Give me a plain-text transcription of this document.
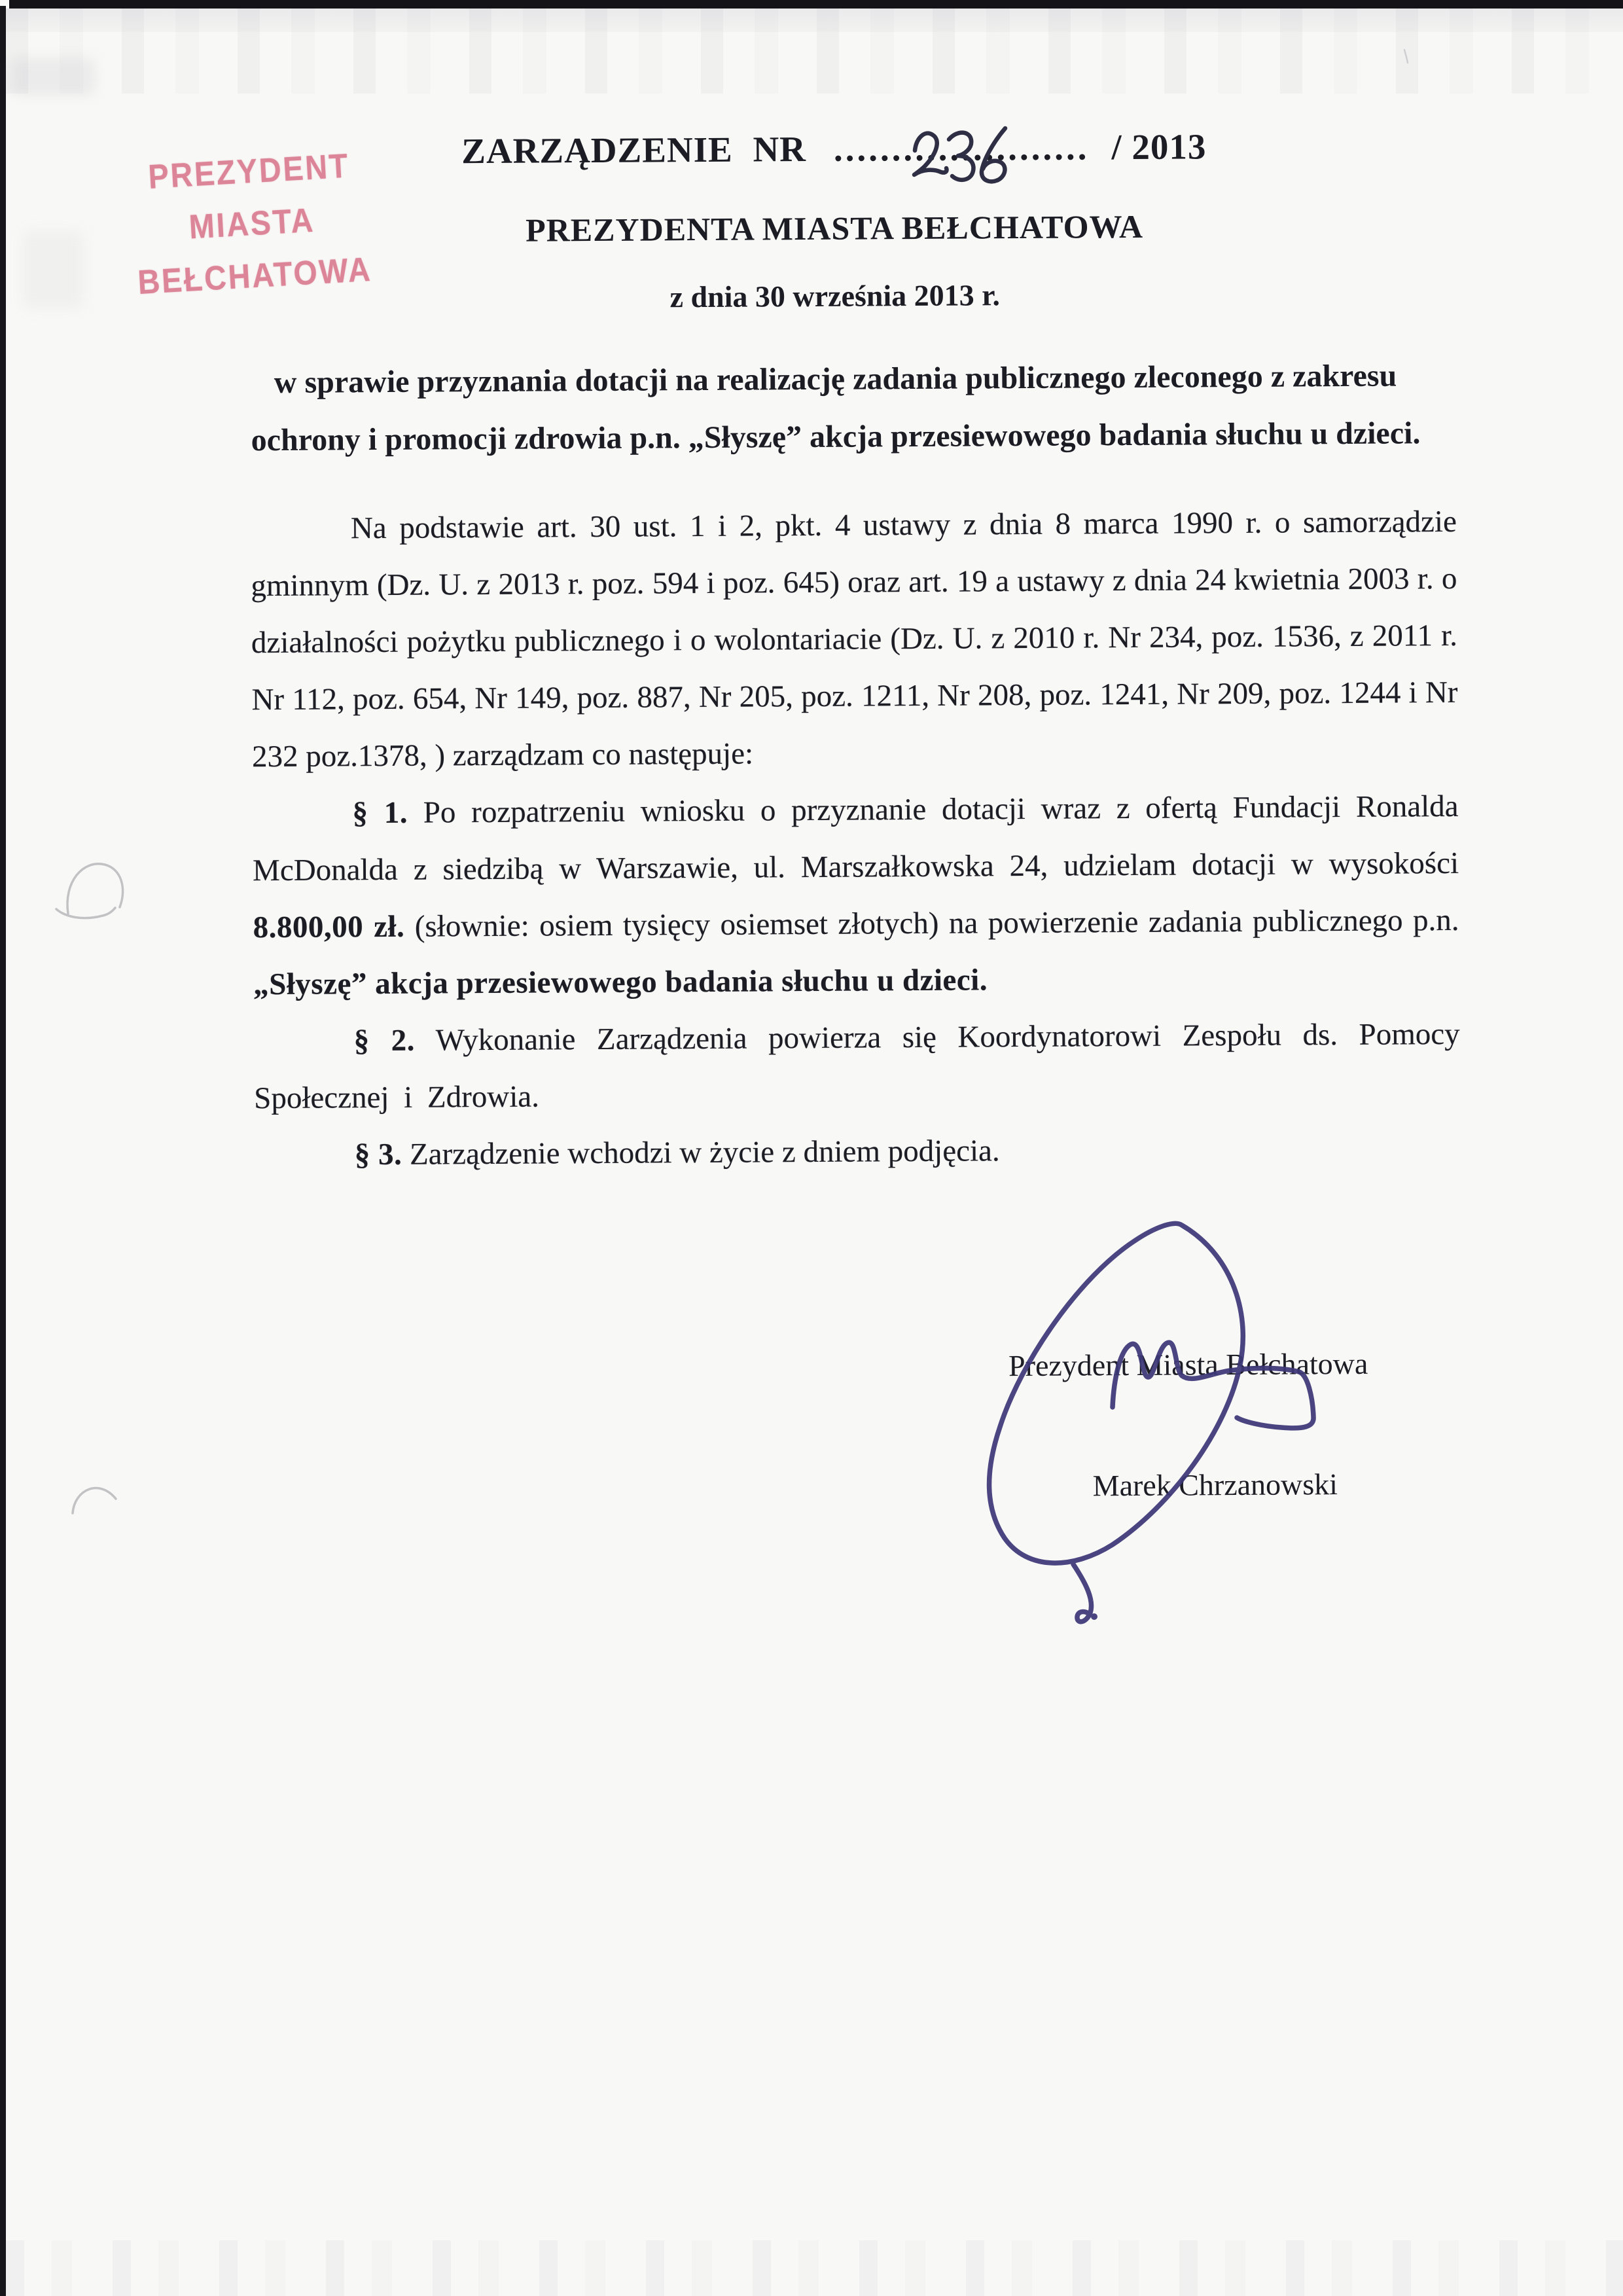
PREZYDENT MIASTA
BEŁCHATOWA
ZARZĄDZENIE NR ...................... / 2013
PREZYDENTA MIASTA BEŁCHATOWA
z dnia 30 września 2013 r.
w sprawie przyznania dotacji na realizację zadania publicznego zleconego z zakresu
ochrony i promocji zdrowia p.n. „Słyszę” akcja przesiewowego badania słuchu u dzieci.

Na podstawie art. 30 ust. 1 i 2, pkt. 4 ustawy z dnia 8 marca 1990 r. o samorządzie gminnym (Dz. U. z 2013 r. poz. 594 i poz. 645) oraz art. 19 a ustawy z dnia 24 kwietnia 2003 r. o działalności pożytku publicznego i o wolontariacie (Dz. U. z 2010 r. Nr 234, poz. 1536, z 2011 r. Nr 112, poz. 654, Nr 149, poz. 887, Nr 205, poz. 1211, Nr 208, poz. 1241, Nr 209, poz. 1244 i Nr 232 poz.1378, ) zarządzam co następuje:

§ 1. Po rozpatrzeniu wniosku o przyznanie dotacji wraz z ofertą Fundacji Ronalda McDonalda z siedzibą w Warszawie, ul. Marszałkowska 24, udzielam dotacji w wysokości 8.800,00 zł. (słownie: osiem tysięcy osiemset złotych) na powierzenie zadania publicznego p.n. „Słyszę” akcja przesiewowego badania słuchu u dzieci.

§ 2. Wykonanie Zarządzenia powierza się Koordynatorowi Zespołu ds. Pomocy Społecznej i Zdrowia.

§ 3. Zarządzenie wchodzi w życie z dniem podjęcia.

Prezydent Miasta Bełchatowa
Marek Chrzanowski
